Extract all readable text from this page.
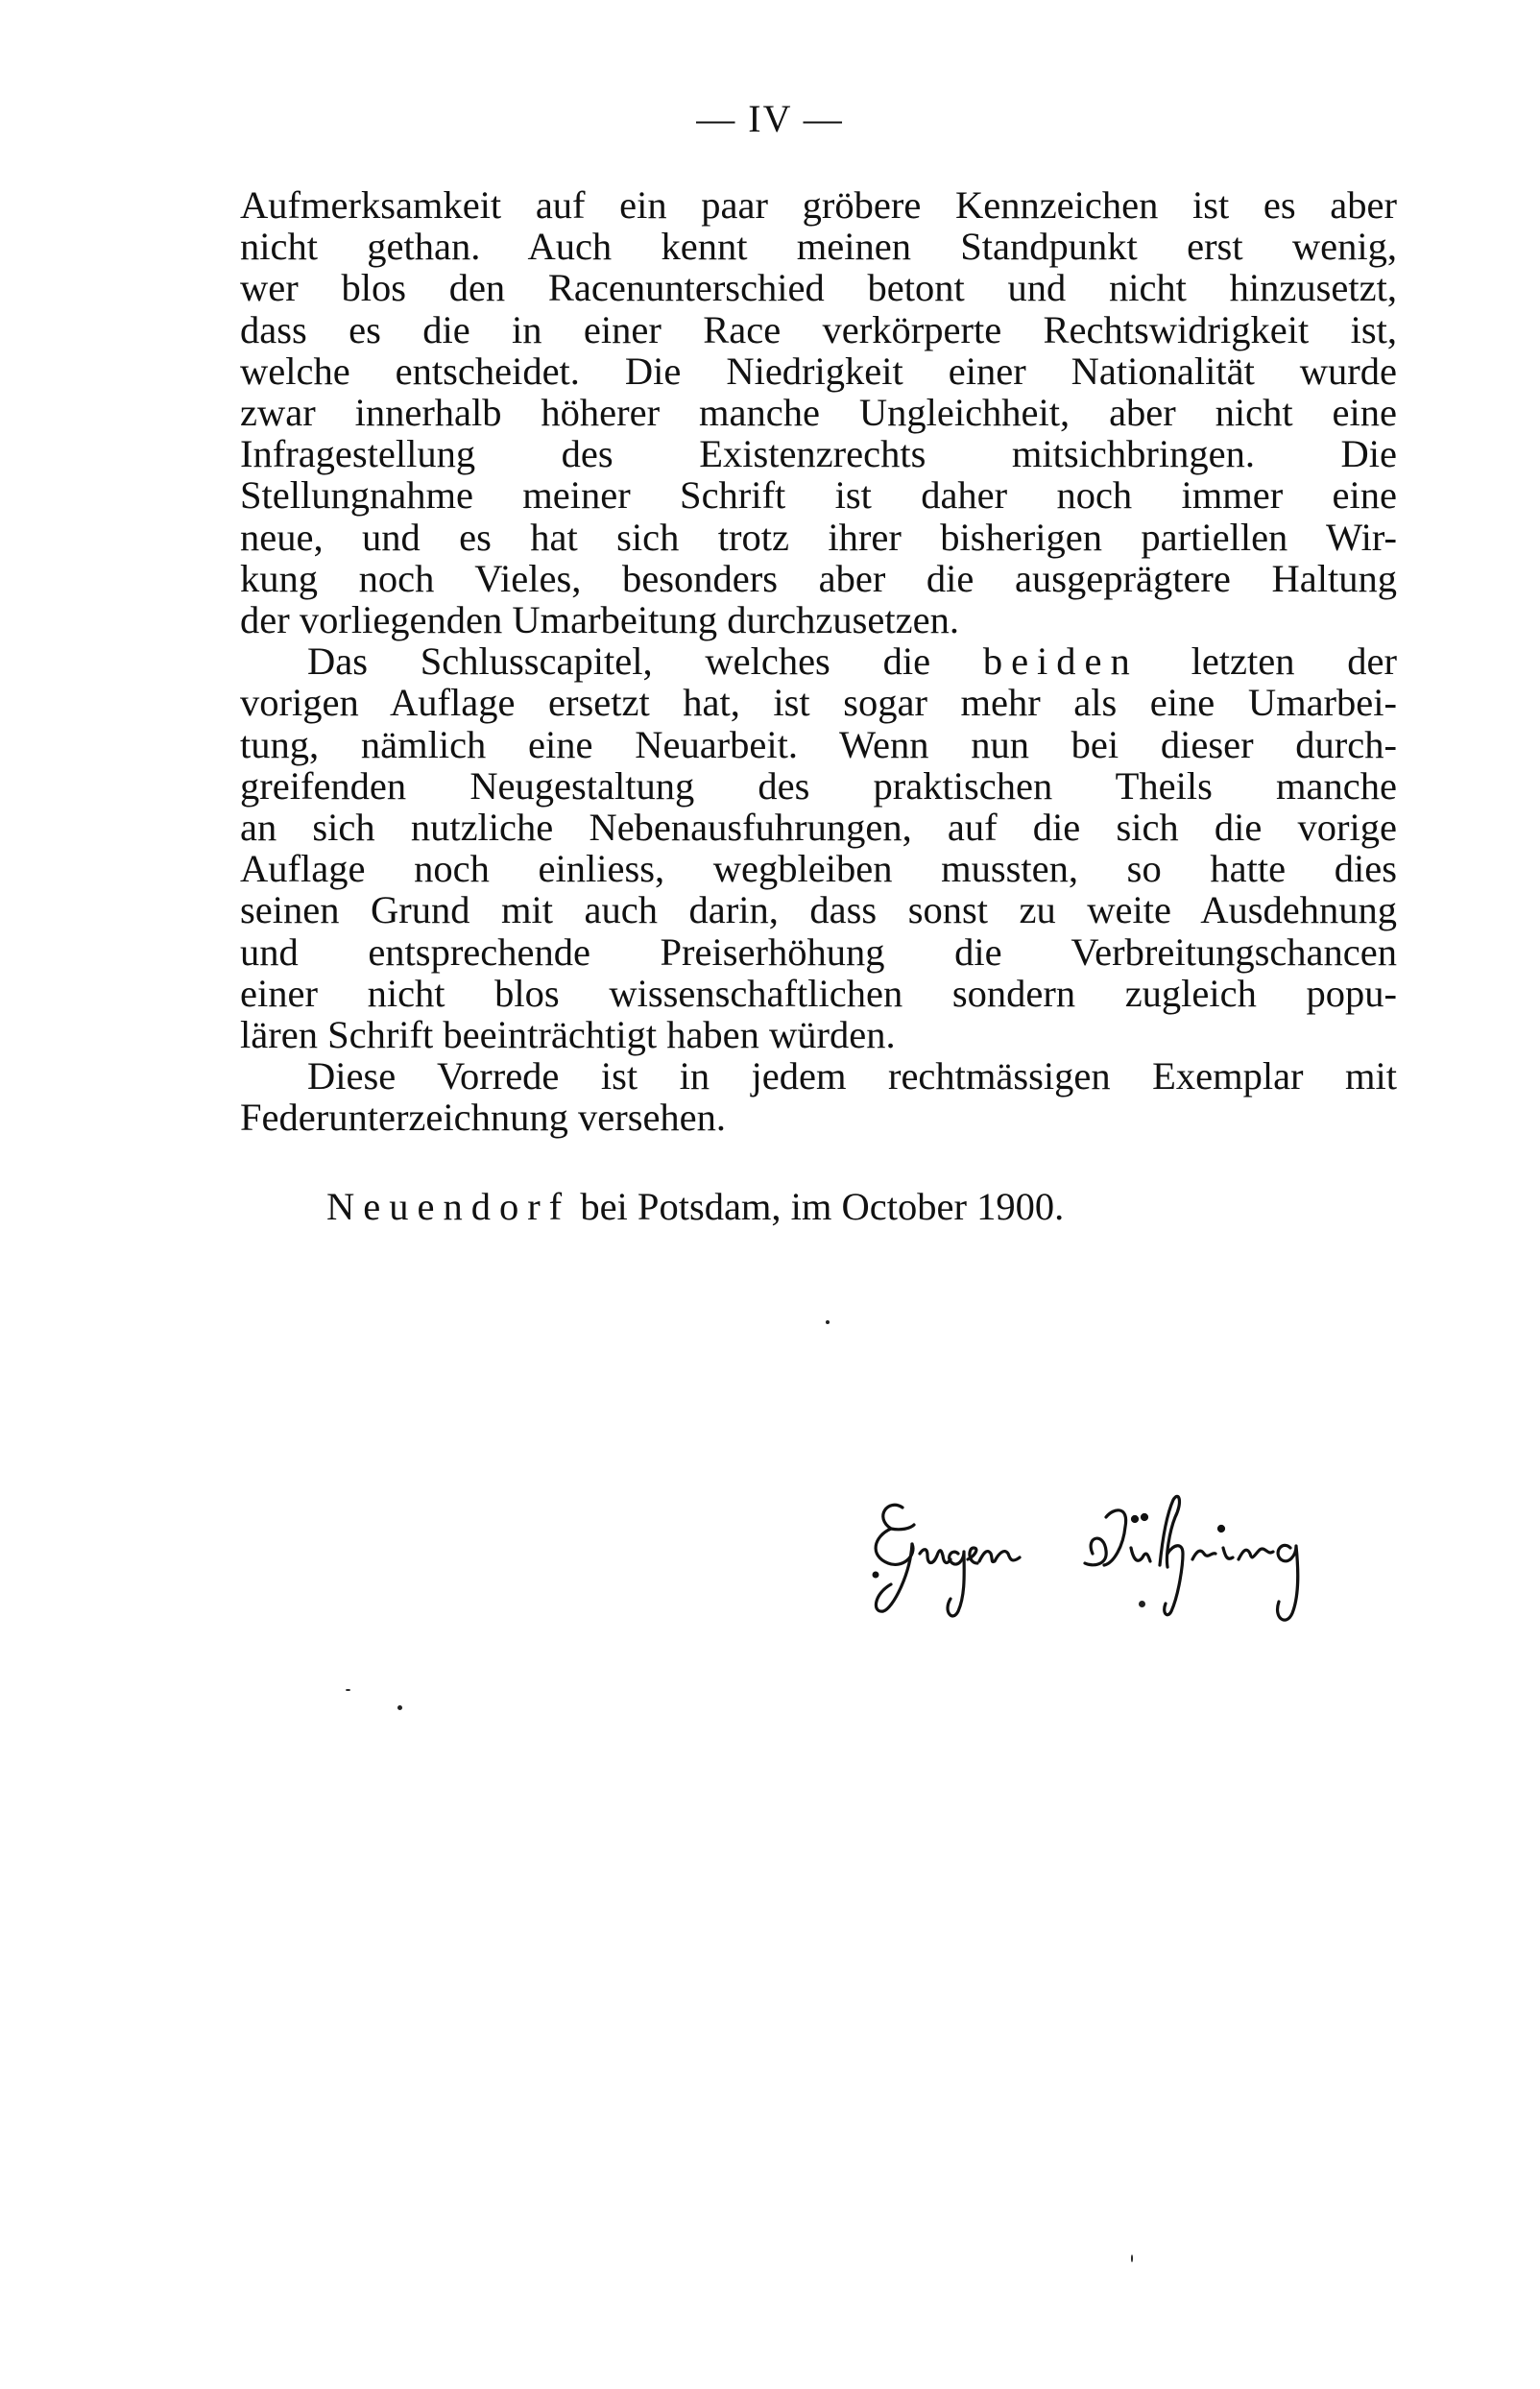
— IV —
Aufmerksamkeit auf ein paar gröbere Kennzeichen ist es aber
nicht gethan. Auch kennt meinen Standpunkt erst wenig,
wer blos den Racenunterschied betont und nicht hinzusetzt,
dass es die in einer Race verkörperte Rechtswidrigkeit ist,
welche entscheidet. Die Niedrigkeit einer Nationalität wurde
zwar innerhalb höherer manche Ungleichheit, aber nicht eine
Infragestellung des Existenzrechts mitsichbringen. Die
Stellungnahme meiner Schrift ist daher noch immer eine
neue, und es hat sich trotz ihrer bisherigen partiellen Wir-
kung noch Vieles, besonders aber die ausgeprägtere Haltung
der vorliegenden Umarbeitung durchzusetzen.
Das Schlusscapitel, welches die beiden letzten der
vorigen Auflage ersetzt hat, ist sogar mehr als eine Umarbei-
tung, nämlich eine Neuarbeit. Wenn nun bei dieser durch-
greifenden Neugestaltung des praktischen Theils manche
an sich nutzliche Nebenausfuhrungen, auf die sich die vorige
Auflage noch einliess, wegbleiben mussten, so hatte dies
seinen Grund mit auch darin, dass sonst zu weite Ausdehnung
und entsprechende Preiserhöhung die Verbreitungschancen
einer nicht blos wissenschaftlichen sondern zugleich popu-
lären Schrift beeinträchtigt haben würden.
Diese Vorrede ist in jedem rechtmässigen Exemplar mit
Federunterzeichnung versehen.
Neuendorf bei Potsdam, im October 1900.
